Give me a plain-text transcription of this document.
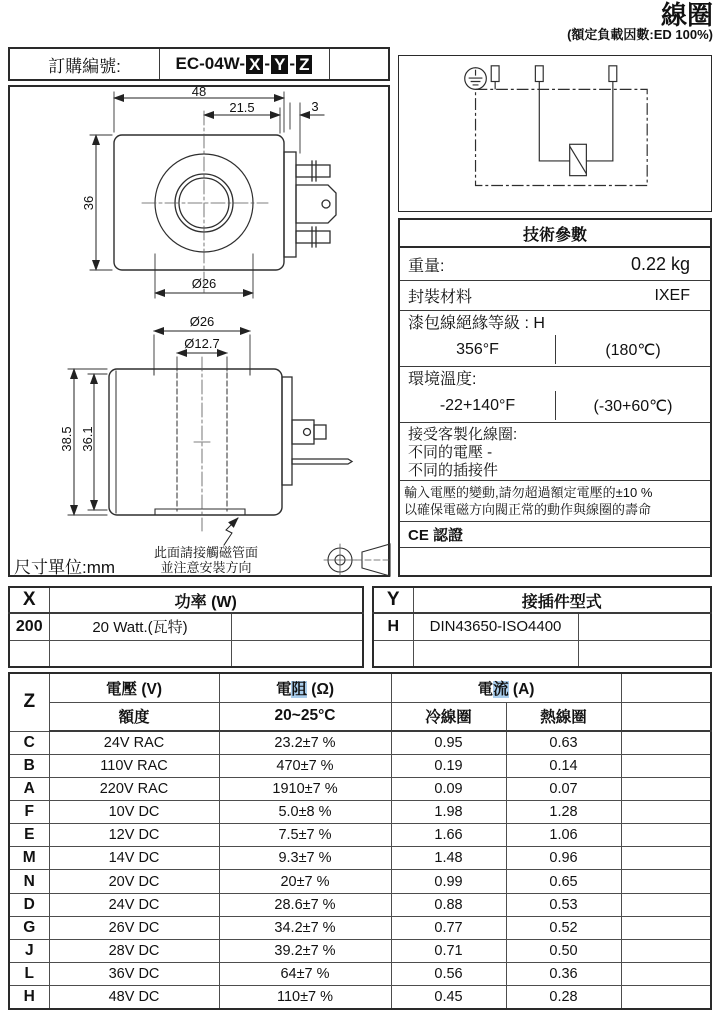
線圈
(額定負載因數:ED 100%)
訂購編號:	EC-04W- X - Y - Z
48
21.5	3
36
Ø26
Ø26
Ø12.7
38.5 36.1
此面請接觸磁管面
並注意安裝方向
尺寸單位:mm
技術參數
重量:	0.22 kg
封裝材料	IXEF
漆包線絕緣等級 : H
356°F	(180℃)
環境溫度:
-22+140°F	(-30+60℃)
接受客製化線圈:
不同的電壓 -
不同的插接件
輸入電壓的變動,請勿超過額定電壓的±10 %
以確保電磁方向閥正常的動作與線圈的壽命
CE 認證
X	功率 (W)	
200	20 Watt.(瓦特)	

Y	接插件型式	
H	DIN43650-ISO4400	

Z	電壓 (V)	電阻 (Ω)	電流 (A)		
	額度	20~25°C	冷線圈	熱線圈	
C	24V RAC	23.2±7 %	0.95	0.63	
B	110V RAC	470±7 %	0.19	0.14	
A	220V RAC	1910±7 %	0.09	0.07	
F	10V DC	5.0±8 %	1.98	1.28	
E	12V DC	7.5±7 %	1.66	1.06	
M	14V DC	9.3±7 %	1.48	0.96	
N	20V DC	20±7 %	0.99	0.65	
D	24V DC	28.6±7 %	0.88	0.53	
G	26V DC	34.2±7 %	0.77	0.52	
J	28V DC	39.2±7 %	0.71	0.50	
L	36V DC	64±7 %	0.56	0.36	
H	48V DC	110±7 %	0.45	0.28	
